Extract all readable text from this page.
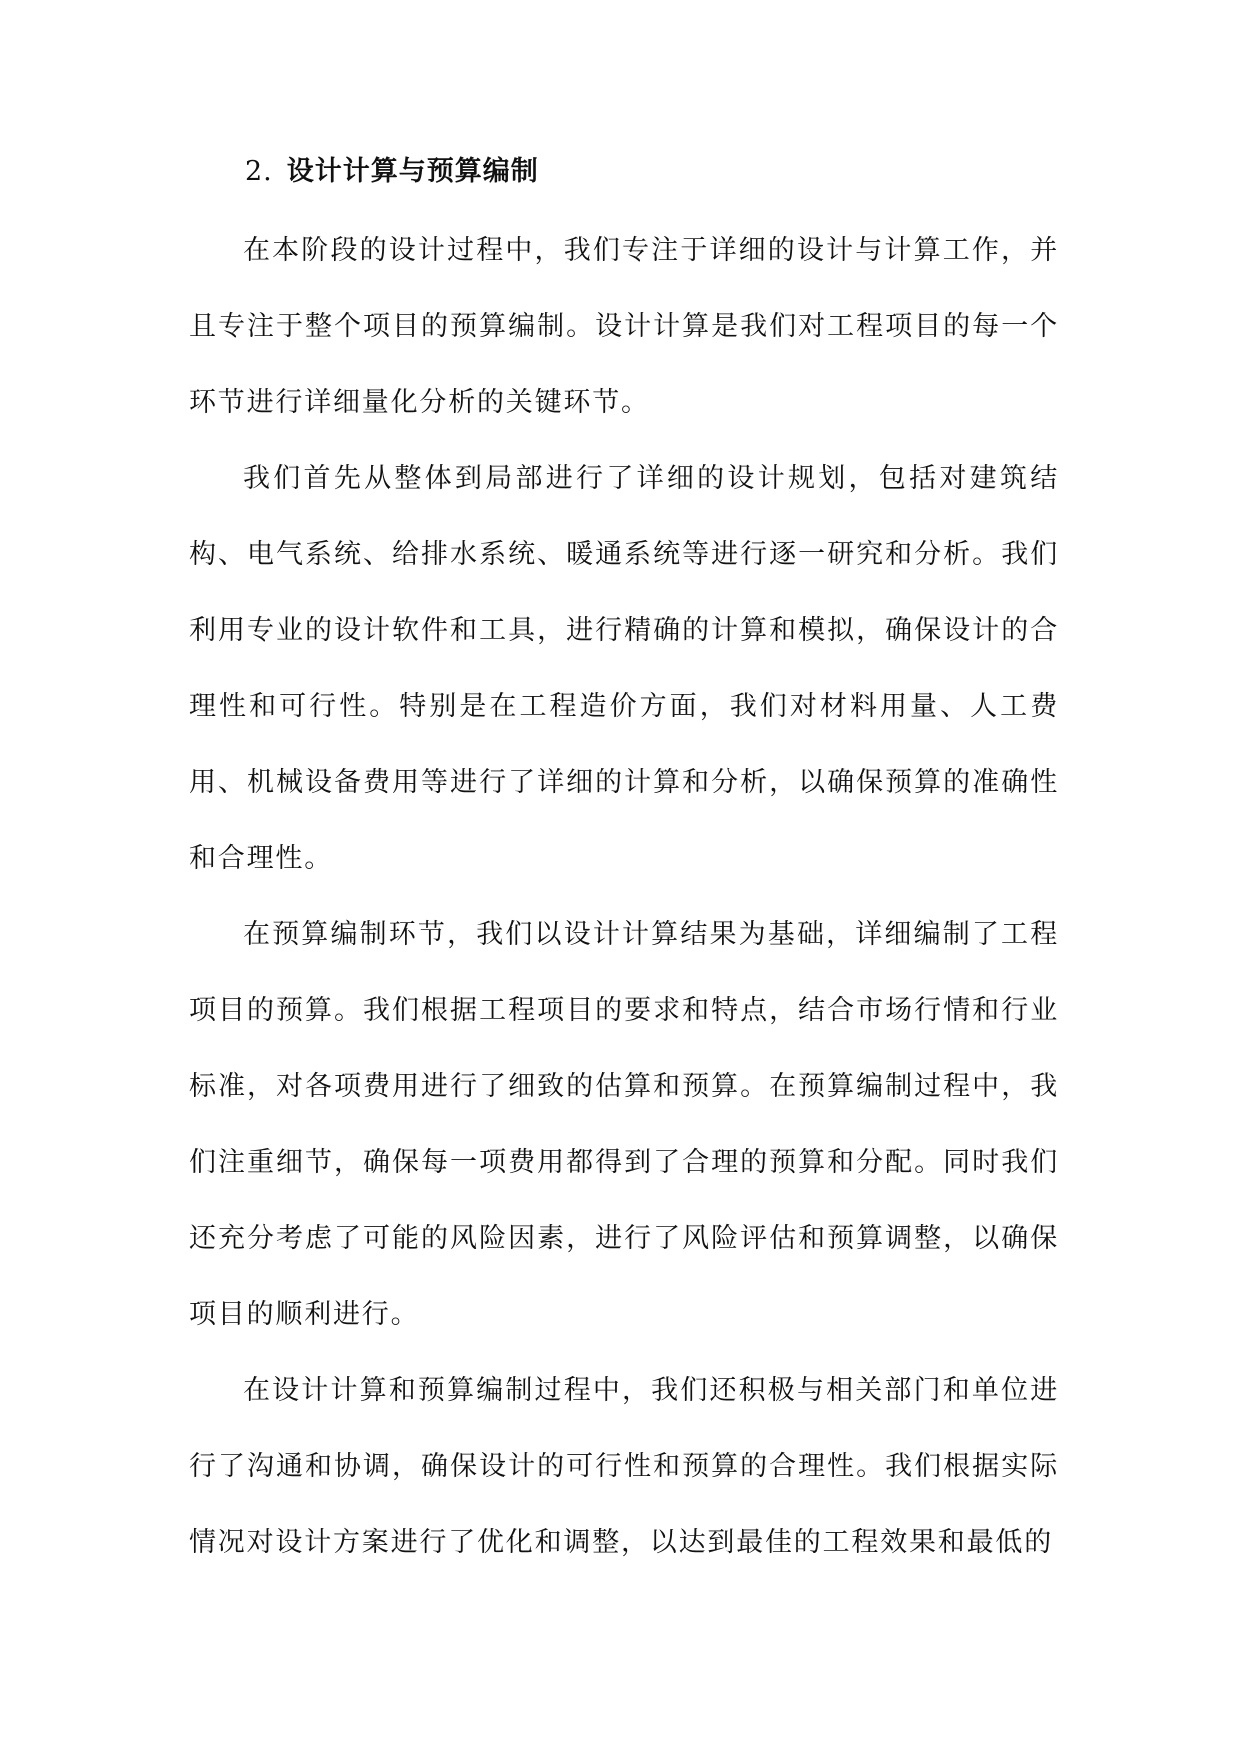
2. 设计计算与预算编制

在本阶段的设计过程中，我们专注于详细的设计与计算工作，并且专注于整个项目的预算编制。设计计算是我们对工程项目的每一个环节进行详细量化分析的关键环节。

我们首先从整体到局部进行了详细的设计规划，包括对建筑结构、电气系统、给排水系统、暖通系统等进行逐一研究和分析。我们利用专业的设计软件和工具，进行精确的计算和模拟，确保设计的合理性和可行性。特别是在工程造价方面，我们对材料用量、人工费用、机械设备费用等进行了详细的计算和分析，以确保预算的准确性和合理性。

在预算编制环节，我们以设计计算结果为基础，详细编制了工程项目的预算。我们根据工程项目的要求和特点，结合市场行情和行业标准，对各项费用进行了细致的估算和预算。在预算编制过程中，我们注重细节，确保每一项费用都得到了合理的预算和分配。同时我们还充分考虑了可能的风险因素，进行了风险评估和预算调整，以确保项目的顺利进行。

在设计计算和预算编制过程中，我们还积极与相关部门和单位进行了沟通和协调，确保设计的可行性和预算的合理性。我们根据实际情况对设计方案进行了优化和调整，以达到最佳的工程效果和最低的
